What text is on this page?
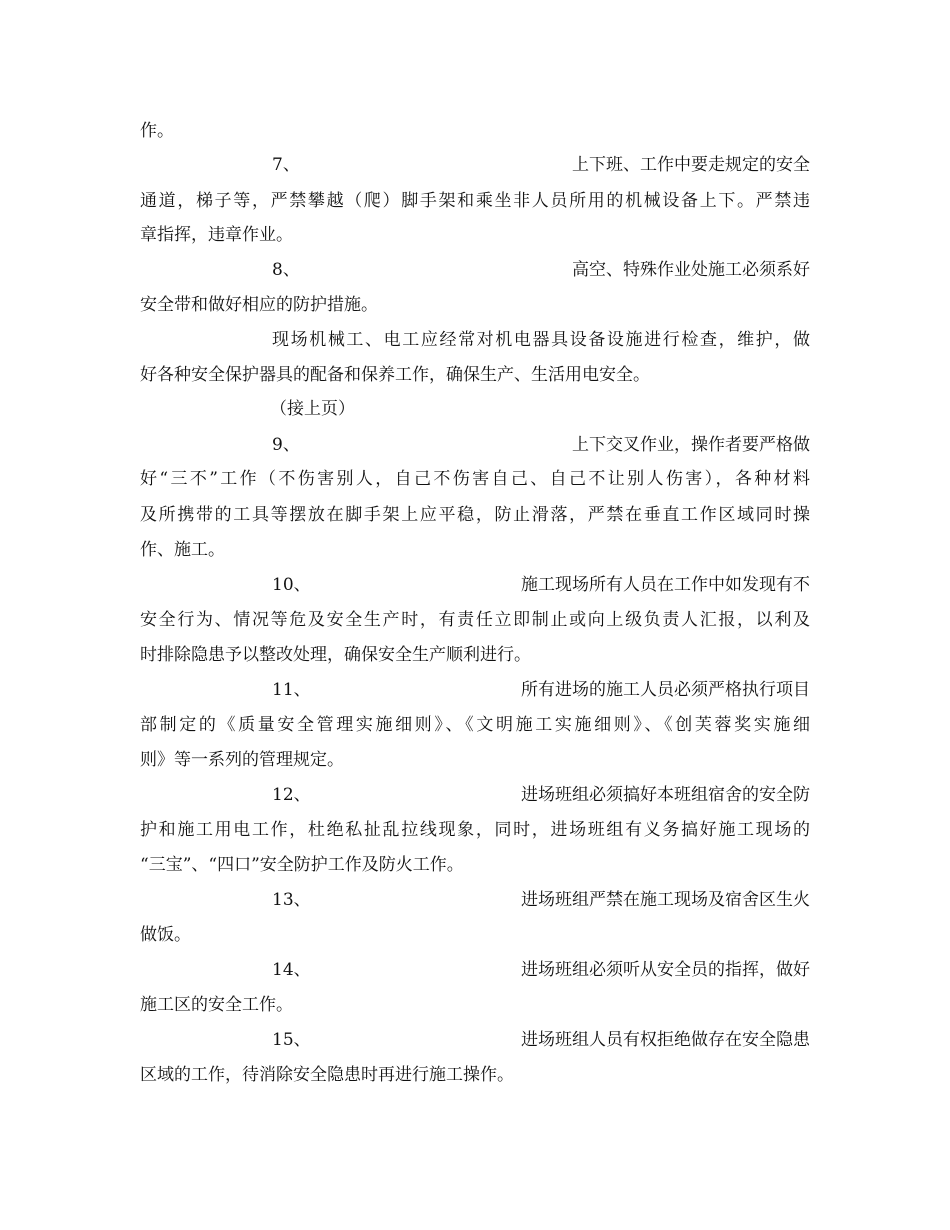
作。
7、	上下班、工作中要走规定的安全
通道，梯子等，严禁攀越（爬）脚手架和乘坐非人员所用的机械设备上下。严禁违
章指挥，违章作业。
8、	高空、特殊作业处施工必须系好
安全带和做好相应的防护措施。
现场机械工、电工应经常对机电器具设备设施进行检查，维护，做
好各种安全保护器具的配备和保养工作，确保生产、生活用电安全。
（接上页）
9、	上下交叉作业，操作者要严格做
好“三不”工作（不伤害别人，自己不伤害自己、自己不让别人伤害），各种材料
及所携带的工具等摆放在脚手架上应平稳，防止滑落，严禁在垂直工作区域同时操
作、施工。
10、	施工现场所有人员在工作中如发现有不
安全行为、情况等危及安全生产时，有责任立即制止或向上级负责人汇报，以利及
时排除隐患予以整改处理，确保安全生产顺利进行。
11、	所有进场的施工人员必须严格执行项目
部制定的《质量安全管理实施细则》、《文明施工实施细则》、《创芙蓉奖实施细
则》等一系列的管理规定。
12、	进场班组必须搞好本班组宿舍的安全防
护和施工用电工作，杜绝私扯乱拉线现象，同时，进场班组有义务搞好施工现场的
“三宝”、“四口”安全防护工作及防火工作。
13、	进场班组严禁在施工现场及宿舍区生火
做饭。
14、	进场班组必须听从安全员的指挥，做好
施工区的安全工作。
15、	进场班组人员有权拒绝做存在安全隐患
区域的工作，待消除安全隐患时再进行施工操作。
